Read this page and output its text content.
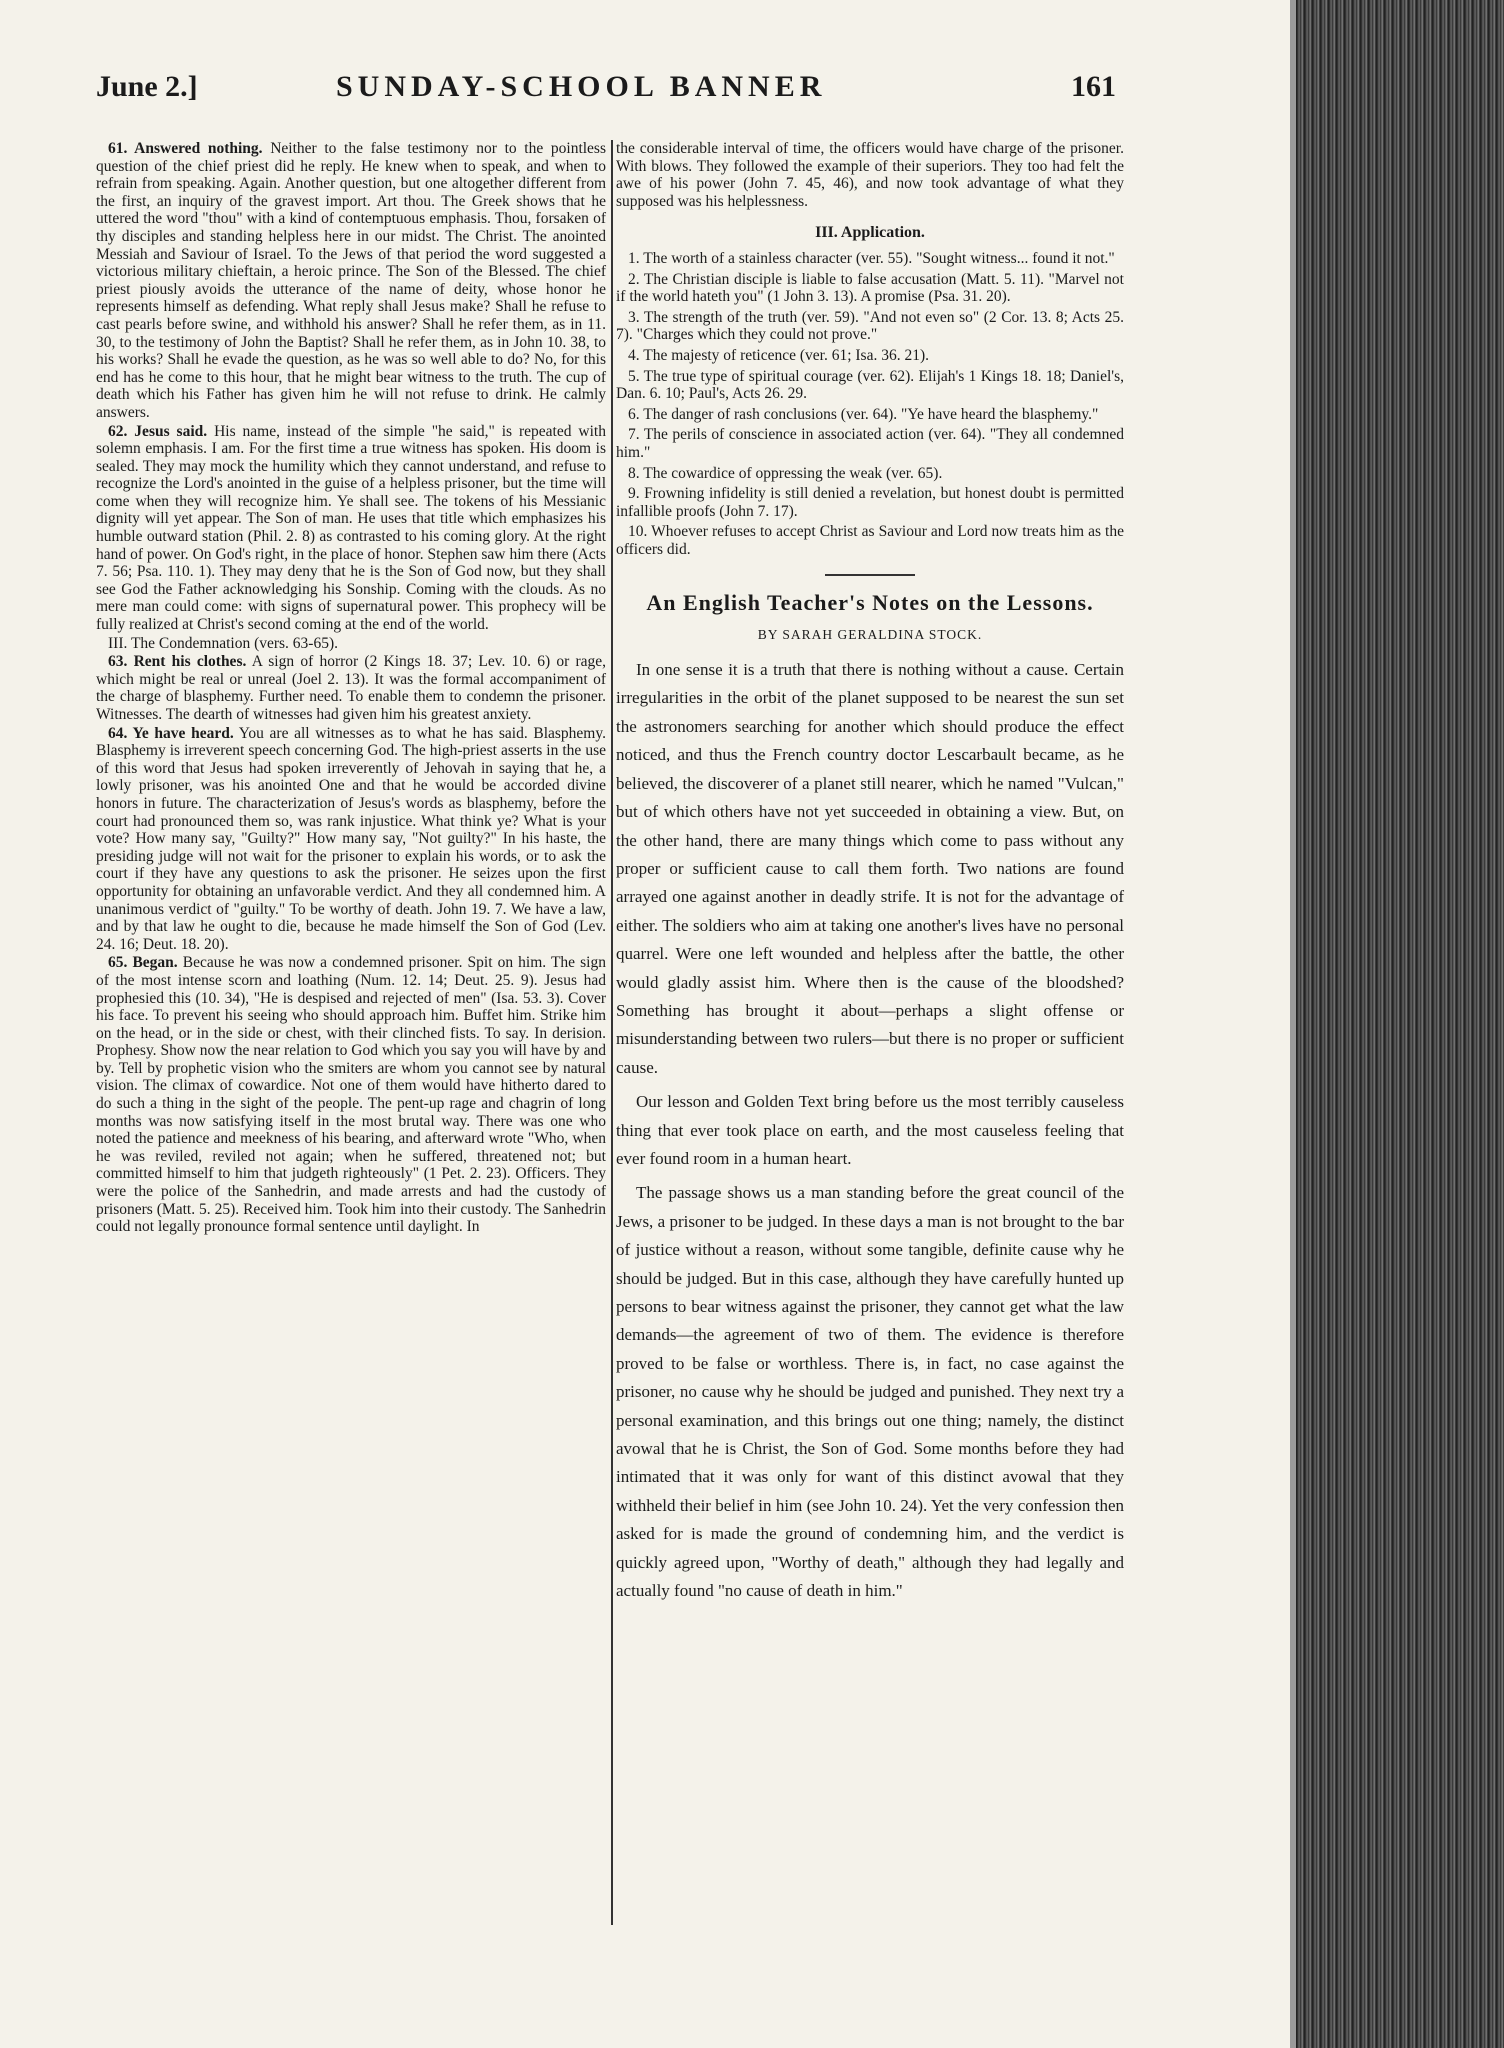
June 2.]	SUNDAY-SCHOOL BANNER	161

61. Answered nothing. Neither to the false testimony nor to the pointless question of the chief priest did he reply. He knew when to speak, and when to refrain from speaking. Again. Another question, but one altogether different from the first, an inquiry of the gravest import. Art thou. The Greek shows that he uttered the word "thou" with a kind of contemptuous emphasis. Thou, forsaken of thy disciples and standing helpless here in our midst. The Christ. The anointed Messiah and Saviour of Israel. To the Jews of that period the word suggested a victorious military chieftain, a heroic prince. The Son of the Blessed. The chief priest piously avoids the utterance of the name of deity, whose honor he represents himself as defending. What reply shall Jesus make? Shall he refuse to cast pearls before swine, and withhold his answer? Shall he refer them, as in 11. 30, to the testimony of John the Baptist? Shall he refer them, as in John 10. 38, to his works? Shall he evade the question, as he was so well able to do? No, for this end has he come to this hour, that he might bear witness to the truth. The cup of death which his Father has given him he will not refuse to drink. He calmly answers.

62. Jesus said. His name, instead of the simple "he said," is repeated with solemn emphasis. I am. For the first time a true witness has spoken. His doom is sealed. They may mock the humility which they cannot understand, and refuse to recognize the Lord's anointed in the guise of a helpless prisoner, but the time will come when they will recognize him. Ye shall see. The tokens of his Messianic dignity will yet appear. The Son of man. He uses that title which emphasizes his humble outward station (Phil. 2. 8) as contrasted to his coming glory. At the right hand of power. On God's right, in the place of honor. Stephen saw him there (Acts 7. 56; Psa. 110. 1). They may deny that he is the Son of God now, but they shall see God the Father acknowledging his Sonship. Coming with the clouds. As no mere man could come: with signs of supernatural power. This prophecy will be fully realized at Christ's second coming at the end of the world.

III. The Condemnation (vers. 63-65).

63. Rent his clothes. A sign of horror (2 Kings 18. 37; Lev. 10. 6) or rage, which might be real or unreal (Joel 2. 13). It was the formal accompaniment of the charge of blasphemy. Further need. To enable them to condemn the prisoner. Witnesses. The dearth of witnesses had given him his greatest anxiety.

64. Ye have heard. You are all witnesses as to what he has said. Blasphemy. Blasphemy is irreverent speech concerning God. The high-priest asserts in the use of this word that Jesus had spoken irreverently of Jehovah in saying that he, a lowly prisoner, was his anointed One and that he would be accorded divine honors in future. The characterization of Jesus's words as blasphemy, before the court had pronounced them so, was rank injustice. What think ye? What is your vote? How many say, "Guilty?" How many say, "Not guilty?" In his haste, the presiding judge will not wait for the prisoner to explain his words, or to ask the court if they have any questions to ask the prisoner. He seizes upon the first opportunity for obtaining an unfavorable verdict. And they all condemned him. A unanimous verdict of "guilty." To be worthy of death. John 19. 7. We have a law, and by that law he ought to die, because he made himself the Son of God (Lev. 24. 16; Deut. 18. 20).

65. Began. Because he was now a condemned prisoner. Spit on him. The sign of the most intense scorn and loathing (Num. 12. 14; Deut. 25. 9). Jesus had prophesied this (10. 34), "He is despised and rejected of men" (Isa. 53. 3). Cover his face. To prevent his seeing who should approach him. Buffet him. Strike him on the head, or in the side or chest, with their clinched fists. To say. In derision. Prophesy. Show now the near relation to God which you say you will have by and by. Tell by prophetic vision who the smiters are whom you cannot see by natural vision. The climax of cowardice. Not one of them would have hitherto dared to do such a thing in the sight of the people. The pent-up rage and chagrin of long months was now satisfying itself in the most brutal way. There was one who noted the patience and meekness of his bearing, and afterward wrote "Who, when he was reviled, reviled not again; when he suffered, threatened not; but committed himself to him that judgeth righteously" (1 Pet. 2. 23). Officers. They were the police of the Sanhedrin, and made arrests and had the custody of prisoners (Matt. 5. 25). Received him. Took him into their custody. The Sanhedrin could not legally pronounce formal sentence until daylight. In

the considerable interval of time, the officers would have charge of the prisoner. With blows. They followed the example of their superiors. They too had felt the awe of his power (John 7. 45, 46), and now took advantage of what they supposed was his helplessness.

III. Application.

1. The worth of a stainless character (ver. 55). "Sought witness... found it not."

2. The Christian disciple is liable to false accusation (Matt. 5. 11). "Marvel not if the world hateth you" (1 John 3. 13). A promise (Psa. 31. 20).

3. The strength of the truth (ver. 59). "And not even so" (2 Cor. 13. 8; Acts 25. 7). "Charges which they could not prove."

4. The majesty of reticence (ver. 61; Isa. 36. 21).

5. The true type of spiritual courage (ver. 62). Elijah's 1 Kings 18. 18; Daniel's, Dan. 6. 10; Paul's, Acts 26. 29.

6. The danger of rash conclusions (ver. 64). "Ye have heard the blasphemy."

7. The perils of conscience in associated action (ver. 64). "They all condemned him."

8. The cowardice of oppressing the weak (ver. 65).

9. Frowning infidelity is still denied a revelation, but honest doubt is permitted infallible proofs (John 7. 17).

10. Whoever refuses to accept Christ as Saviour and Lord now treats him as the officers did.

An English Teacher's Notes on the Lessons.
BY SARAH GERALDINA STOCK.

In one sense it is a truth that there is nothing without a cause. Certain irregularities in the orbit of the planet supposed to be nearest the sun set the astronomers searching for another which should produce the effect noticed, and thus the French country doctor Lescarbault became, as he believed, the discoverer of a planet still nearer, which he named "Vulcan," but of which others have not yet succeeded in obtaining a view. But, on the other hand, there are many things which come to pass without any proper or sufficient cause to call them forth. Two nations are found arrayed one against another in deadly strife. It is not for the advantage of either. The soldiers who aim at taking one another's lives have no personal quarrel. Were one left wounded and helpless after the battle, the other would gladly assist him. Where then is the cause of the bloodshed? Something has brought it about—perhaps a slight offense or misunderstanding between two rulers—but there is no proper or sufficient cause.

Our lesson and Golden Text bring before us the most terribly causeless thing that ever took place on earth, and the most causeless feeling that ever found room in a human heart.

The passage shows us a man standing before the great council of the Jews, a prisoner to be judged. In these days a man is not brought to the bar of justice without a reason, without some tangible, definite cause why he should be judged. But in this case, although they have carefully hunted up persons to bear witness against the prisoner, they cannot get what the law demands—the agreement of two of them. The evidence is therefore proved to be false or worthless. There is, in fact, no case against the prisoner, no cause why he should be judged and punished. They next try a personal examination, and this brings out one thing; namely, the distinct avowal that he is Christ, the Son of God. Some months before they had intimated that it was only for want of this distinct avowal that they withheld their belief in him (see John 10. 24). Yet the very confession then asked for is made the ground of condemning him, and the verdict is quickly agreed upon, "Worthy of death," although they had legally and actually found "no cause of death in him."
